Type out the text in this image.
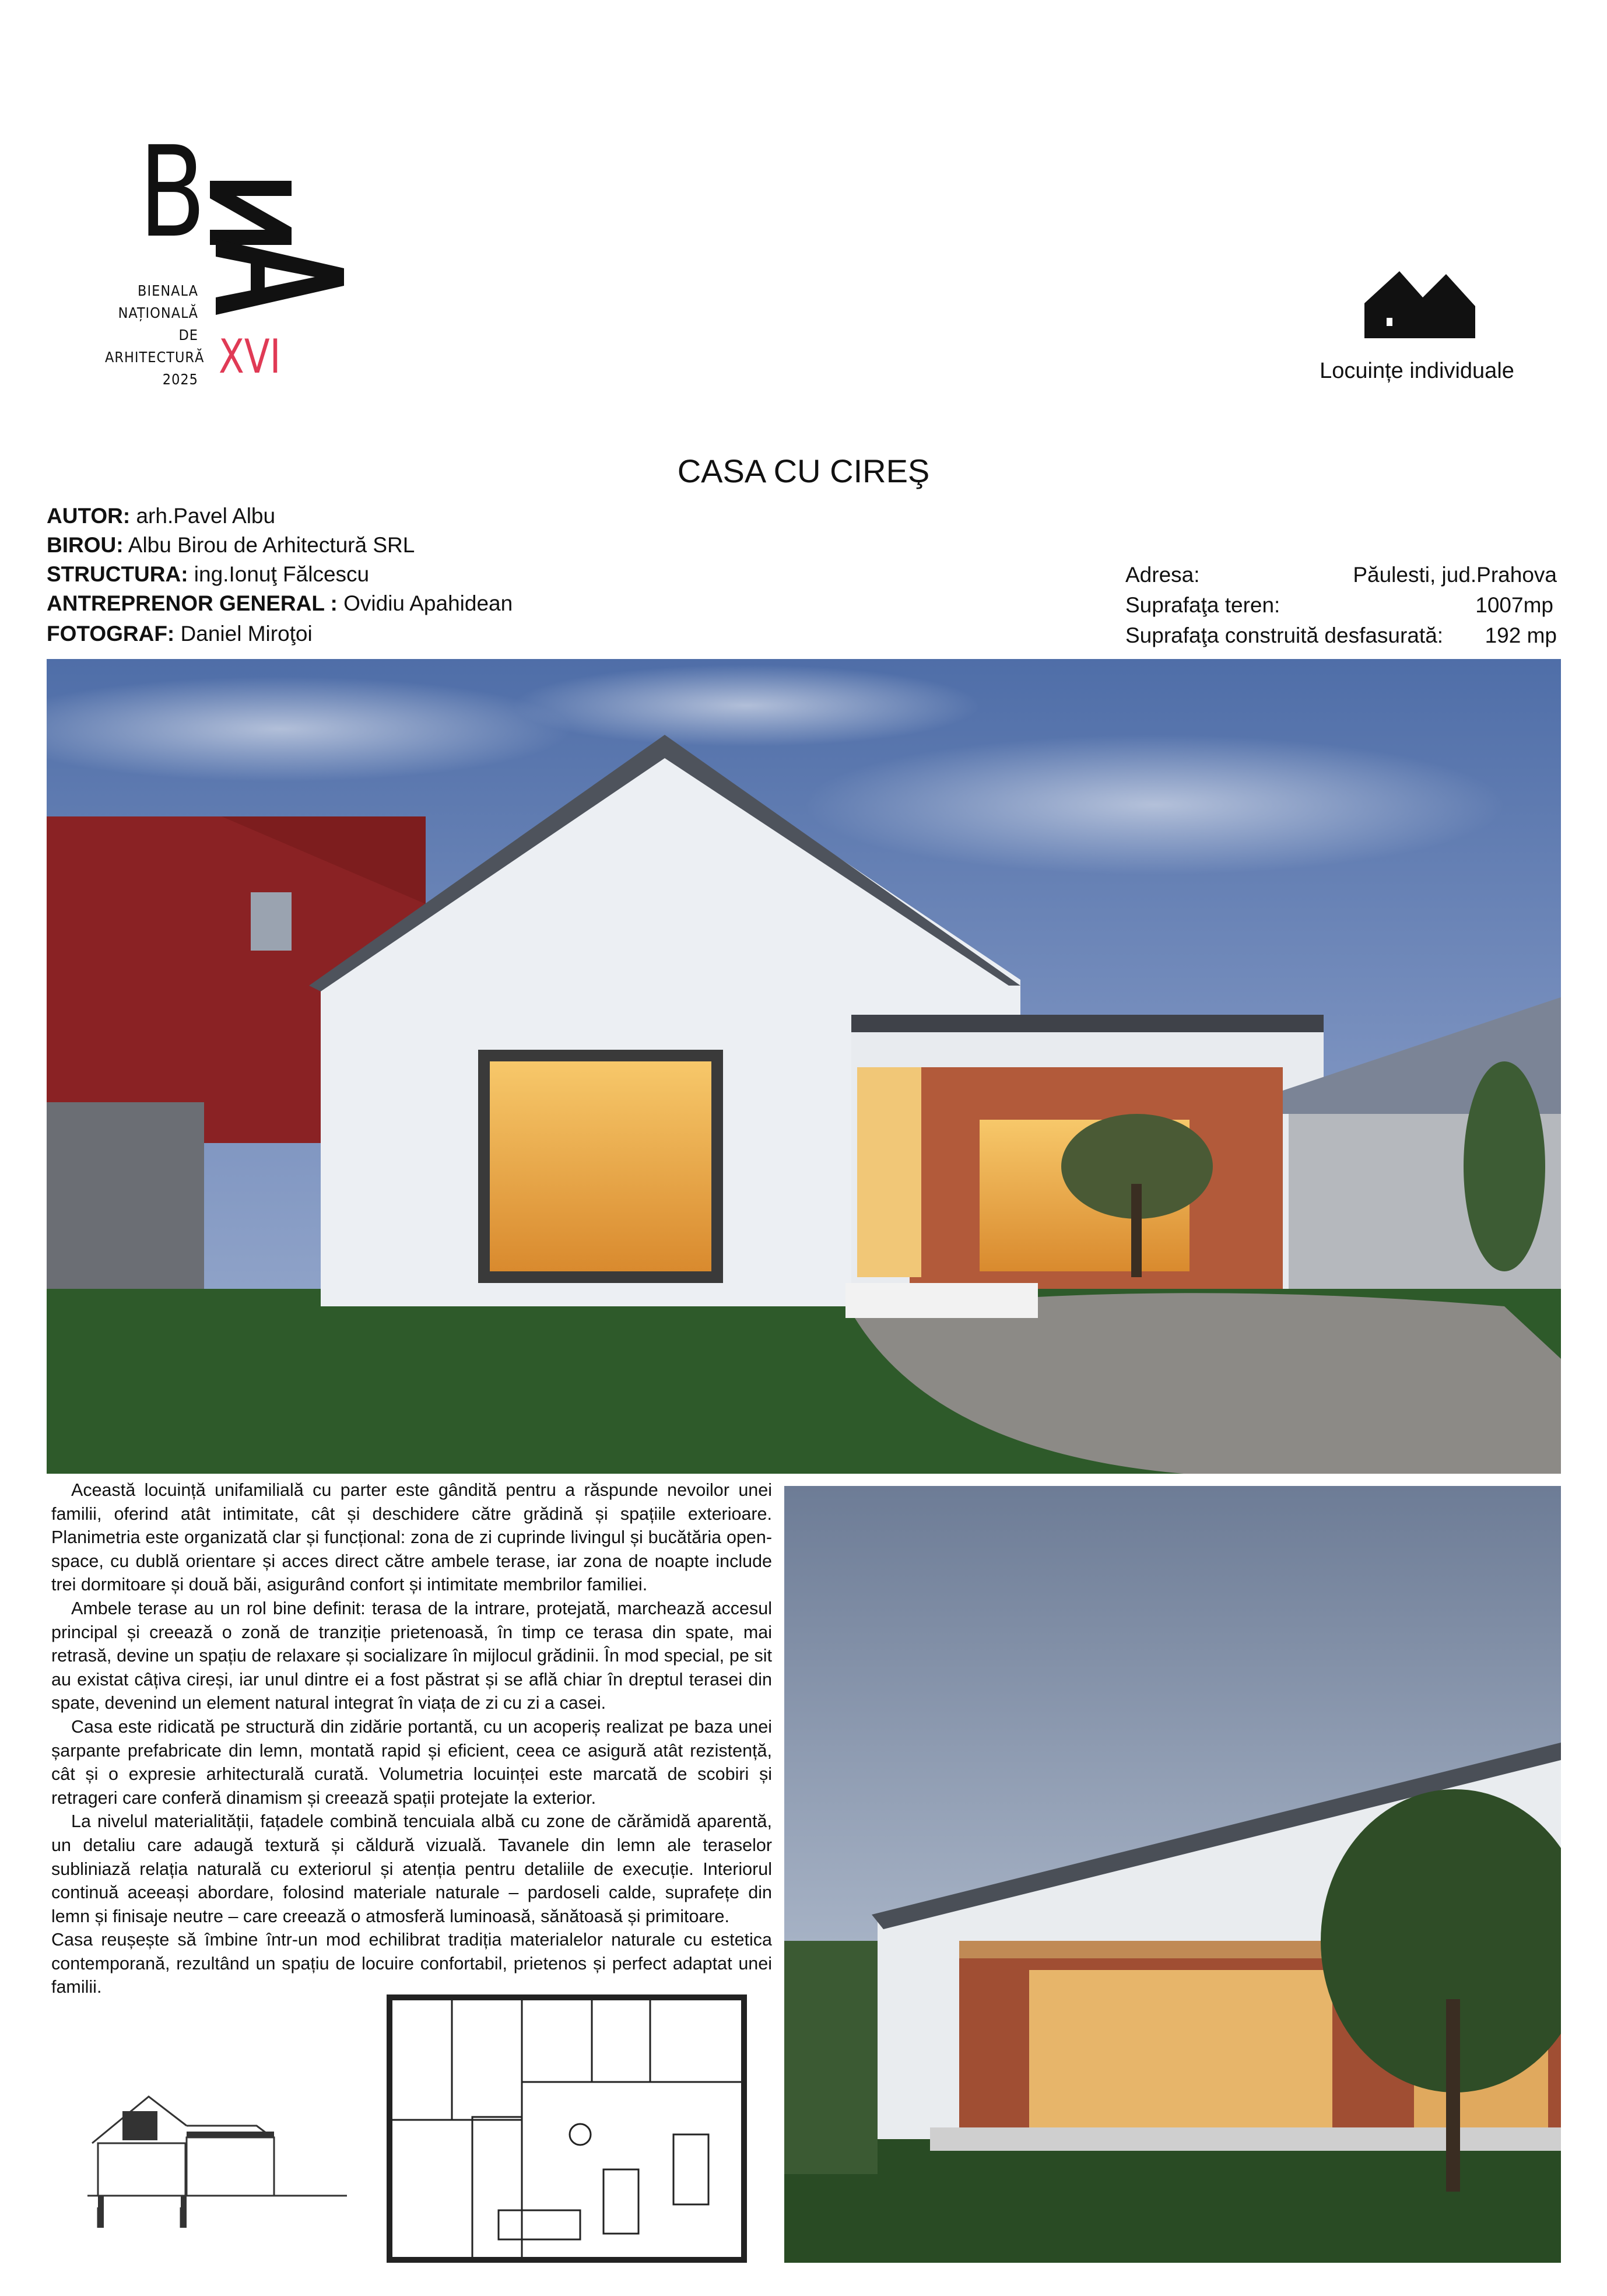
B
BIENALA
NAȚIONALĂ
DE
ARHITECTURĂ
2025 XVI	Locuințe individuale
CASA CU CIREŞ
AUTOR: arh.Pavel Albu
BIROU: Albu Birou de Arhitectură SRL
STRUCTURA: ing.Ionuţ Fălcescu
ANTREPRENOR GENERAL : Ovidiu Apahidean
FOTOGRAF: Daniel Miroţoi
Adresa:	Păulesti, jud.Prahova
Suprafaţa teren:	1007mp
Suprafaţa construită desfasurată: 192 mp

Această locuință unifamilială cu parter este gândită pentru a răspunde nevoilor unei familii, oferind atât intimitate, cât și deschidere către grădină și spațiile exterioare. Planimetria este organizată clar și funcțional: zona de zi cuprinde livingul și bucătăria open-space, cu dublă orientare și acces direct către ambele terase, iar zona de noapte include trei dormitoare și două băi, asigurând confort și intimitate membrilor familiei.

Ambele terase au un rol bine definit: terasa de la intrare, protejată, marchează accesul principal și creează o zonă de tranziție prietenoasă, în timp ce terasa din spate, mai retrasă, devine un spațiu de relaxare și socializare în mijlocul grădinii. În mod special, pe sit au existat câțiva cireși, iar unul dintre ei a fost păstrat și se află chiar în dreptul terasei din spate, devenind un element natural integrat în viața de zi cu zi a casei.

Casa este ridicată pe structură din zidărie portantă, cu un acoperiș realizat pe baza unei șarpante prefabricate din lemn, montată rapid și eficient, ceea ce asigură atât rezistență, cât și o expresie arhitecturală curată. Volumetria locuinței este marcată de scobiri și retrageri care conferă dinamism și creează spații protejate la exterior.

La nivelul materialității, fațadele combină tencuiala albă cu zone de cărămidă aparentă, un detaliu care adaugă textură și căldură vizuală. Tavanele din lemn ale teraselor subliniază relația naturală cu exteriorul și atenția pentru detaliile de execuție. Interiorul continuă aceeași abordare, folosind materiale naturale – pardoseli calde, suprafețe din lemn și finisaje neutre – care creează o atmosferă luminoasă, sănătoasă și primitoare.

Casa reușește să îmbine într-un mod echilibrat tradiția materialelor naturale cu estetica contemporană, rezultând un spațiu de locuire confortabil, prietenos și perfect adaptat unei familii.
